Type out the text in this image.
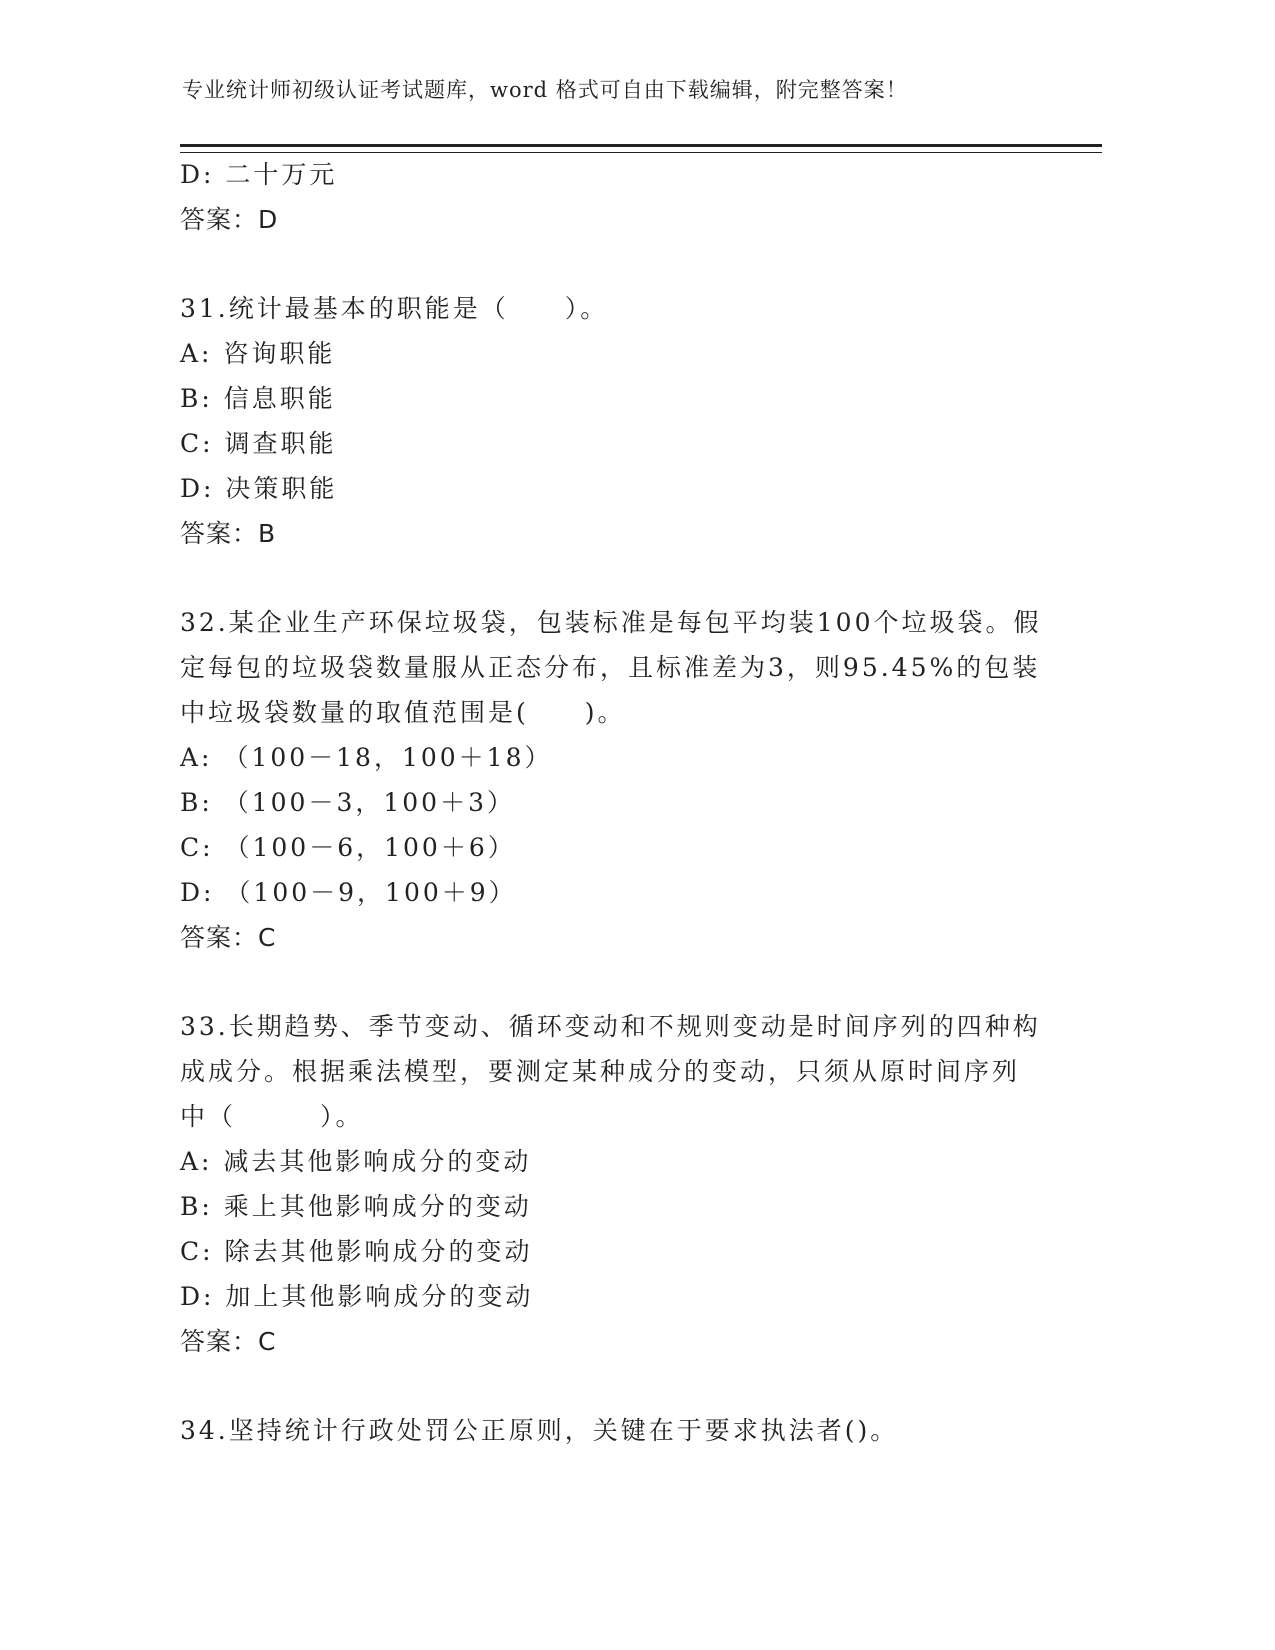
专业统计师初级认证考试题库，word 格式可自由下载编辑，附完整答案！
D: 二十万元
答案：D
31.统计最基本的职能是（　　）。
A: 咨询职能
B: 信息职能
C: 调查职能
D: 决策职能
答案：B
32.某企业生产环保垃圾袋，包装标准是每包平均装100个垃圾袋。假
定每包的垃圾袋数量服从正态分布，且标准差为3，则95.45%的包装
中垃圾袋数量的取值范围是(　　)。
A: （100－18，100＋18）
B: （100－3，100＋3）
C: （100－6，100＋6）
D: （100－9，100＋9）
答案：C
33.长期趋势、季节变动、循环变动和不规则变动是时间序列的四种构
成成分。根据乘法模型，要测定某种成分的变动，只须从原时间序列
中（　　　）。
A: 减去其他影响成分的变动
B: 乘上其他影响成分的变动
C: 除去其他影响成分的变动
D: 加上其他影响成分的变动
答案：C
34.坚持统计行政处罚公正原则，关键在于要求执法者()。
